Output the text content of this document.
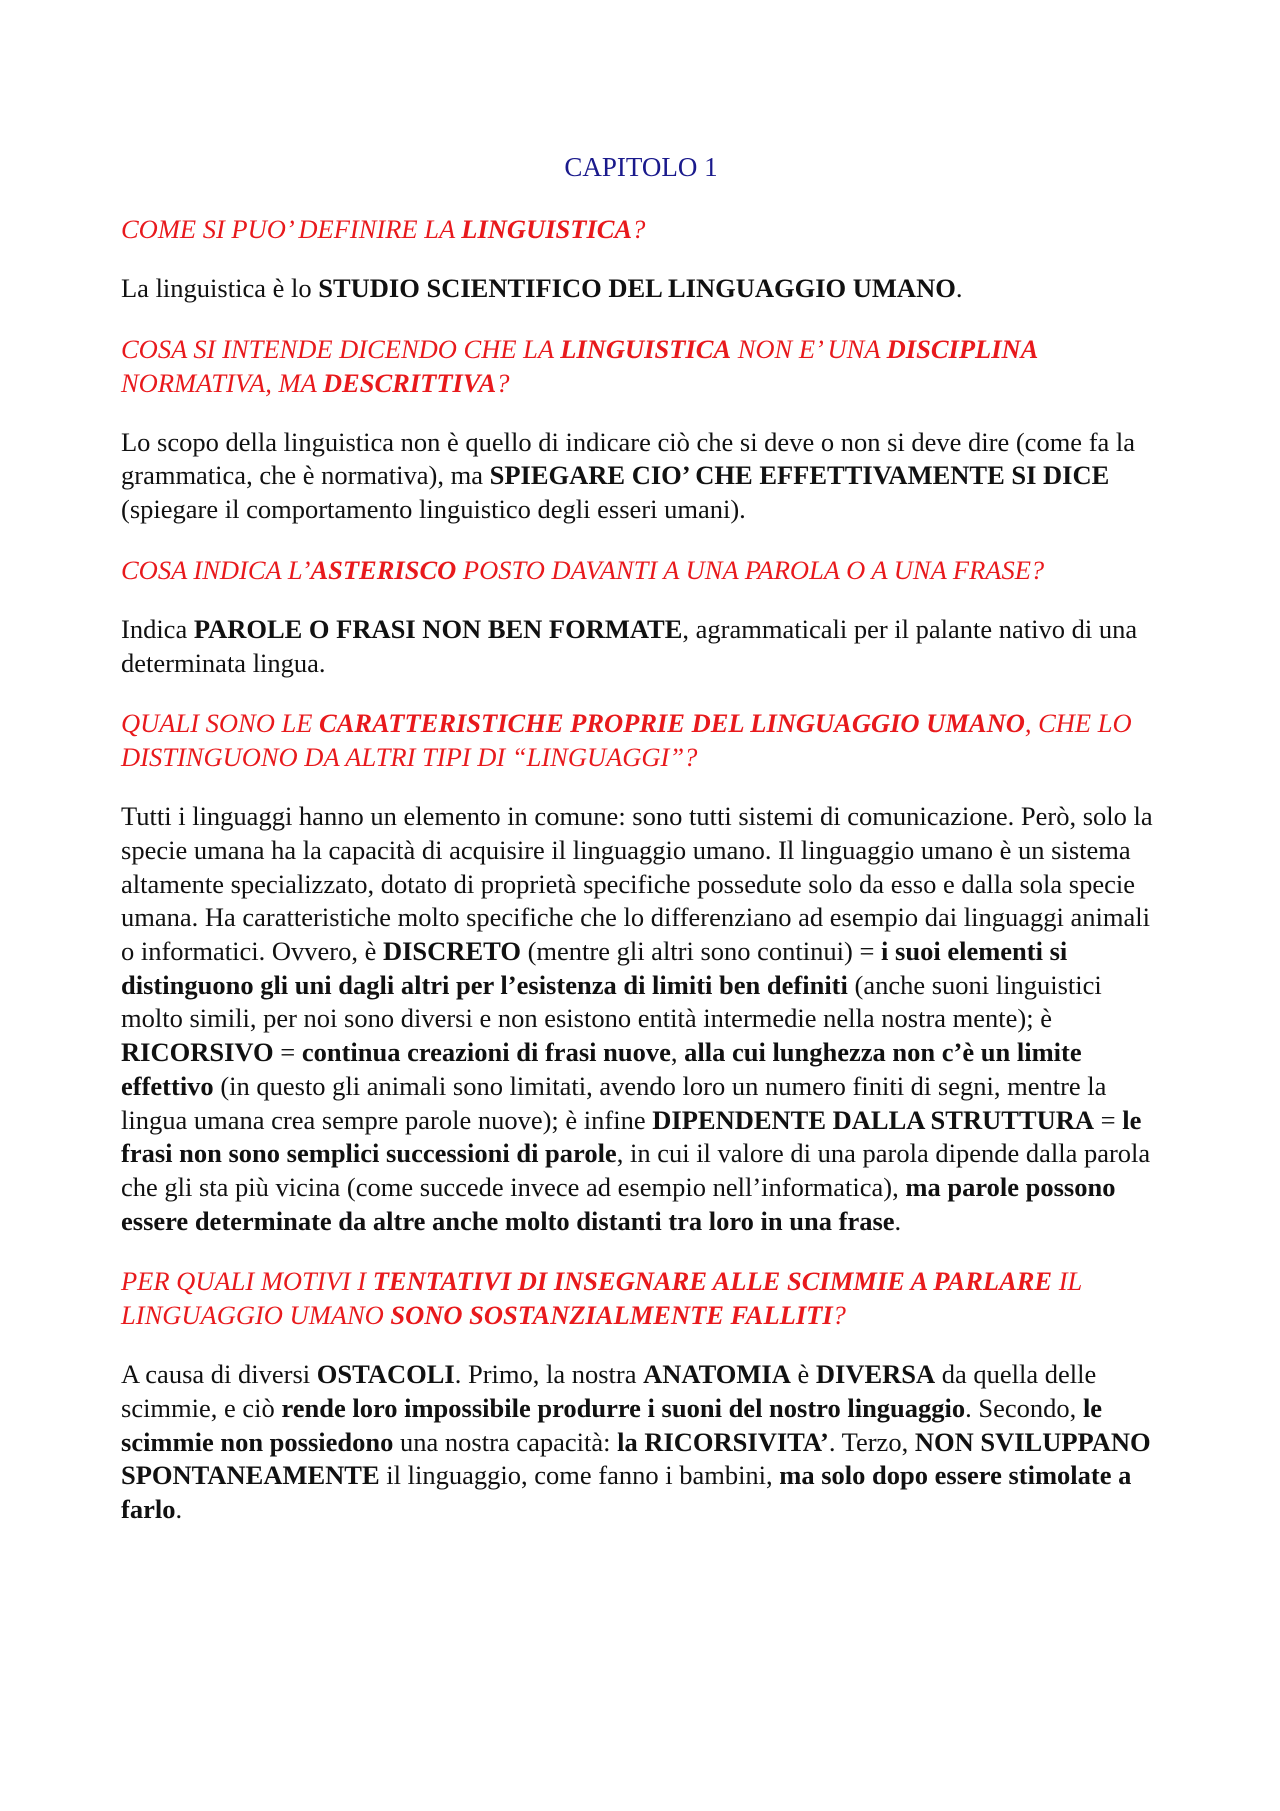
CAPITOLO 1
COME SI PUO’ DEFINIRE LA LINGUISTICA?
La linguistica è lo STUDIO SCIENTIFICO DEL LINGUAGGIO UMANO.
COSA SI INTENDE DICENDO CHE LA LINGUISTICA NON E’ UNA DISCIPLINA NORMATIVA, MA DESCRITTIVA?
Lo scopo della linguistica non è quello di indicare ciò che si deve o non si deve dire (come fa la grammatica, che è normativa), ma SPIEGARE CIO’ CHE EFFETTIVAMENTE SI DICE (spiegare il comportamento linguistico degli esseri umani).
COSA INDICA L’ASTERISCO POSTO DAVANTI A UNA PAROLA O A UNA FRASE?
Indica PAROLE O FRASI NON BEN FORMATE, agrammaticali per il palante nativo di una determinata lingua.
QUALI SONO LE CARATTERISTICHE PROPRIE DEL LINGUAGGIO UMANO, CHE LO DISTINGUONO DA ALTRI TIPI DI “LINGUAGGI”?
Tutti i linguaggi hanno un elemento in comune: sono tutti sistemi di comunicazione. Però, solo la specie umana ha la capacità di acquisire il linguaggio umano. Il linguaggio umano è un sistema altamente specializzato, dotato di proprietà specifiche possedute solo da esso e dalla sola specie umana. Ha caratteristiche molto specifiche che lo differenziano ad esempio dai linguaggi animali o informatici. Ovvero, è DISCRETO (mentre gli altri sono continui) = i suoi elementi si distinguono gli uni dagli altri per l’esistenza di limiti ben definiti (anche suoni linguistici molto simili, per noi sono diversi e non esistono entità intermedie nella nostra mente); è RICORSIVO = continua creazioni di frasi nuove, alla cui lunghezza non c’è un limite effettivo (in questo gli animali sono limitati, avendo loro un numero finiti di segni, mentre la lingua umana crea sempre parole nuove); è infine DIPENDENTE DALLA STRUTTURA = le frasi non sono semplici successioni di parole, in cui il valore di una parola dipende dalla parola che gli sta più vicina (come succede invece ad esempio nell’informatica), ma parole possono essere determinate da altre anche molto distanti tra loro in una frase.
PER QUALI MOTIVI I TENTATIVI DI INSEGNARE ALLE SCIMMIE A PARLARE IL LINGUAGGIO UMANO SONO SOSTANZIALMENTE FALLITI?
A causa di diversi OSTACOLI. Primo, la nostra ANATOMIA è DIVERSA da quella delle scimmie, e ciò rende loro impossibile produrre i suoni del nostro linguaggio. Secondo, le scimmie non possiedono una nostra capacità: la RICORSIVITA’. Terzo, NON SVILUPPANO SPONTANEAMENTE il linguaggio, come fanno i bambini, ma solo dopo essere stimolate a farlo.
